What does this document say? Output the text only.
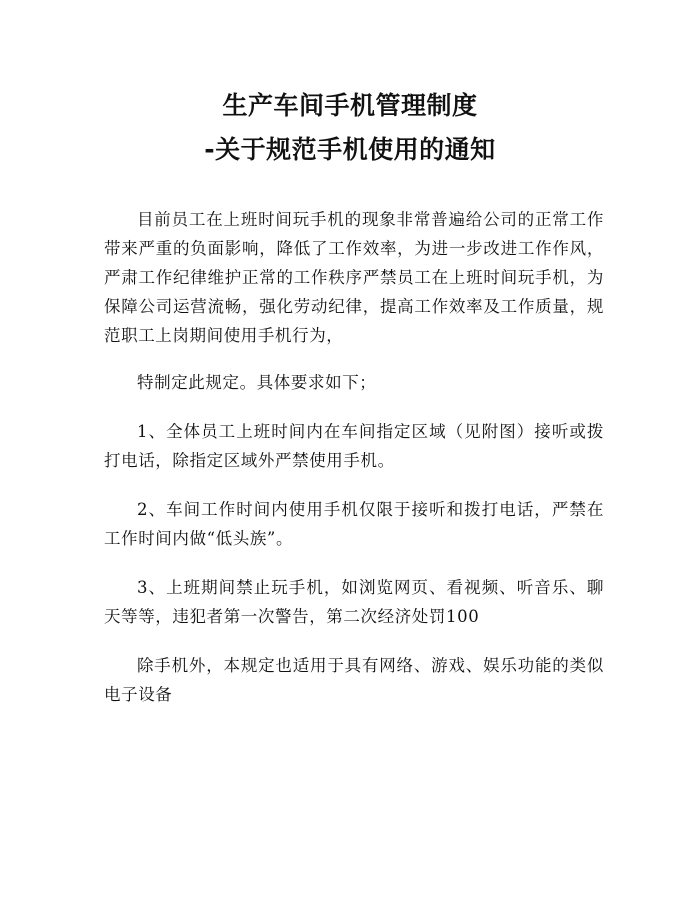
生产车间手机管理制度
-关于规范手机使用的通知

目前员工在上班时间玩手机的现象非常普遍给公司的正常工作带来严重的负面影响，降低了工作效率，为进一步改进工作作风，严肃工作纪律维护正常的工作秩序严禁员工在上班时间玩手机，为保障公司运营流畅，强化劳动纪律，提高工作效率及工作质量，规范职工上岗期间使用手机行为，

特制定此规定。具体要求如下；

1、全体员工上班时间内在车间指定区域（见附图）接听或拨打电话，除指定区域外严禁使用手机。

2、车间工作时间内使用手机仅限于接听和拨打电话，严禁在工作时间内做“低头族”。

3、上班期间禁止玩手机，如浏览网页、看视频、听音乐、聊天等等，违犯者第一次警告，第二次经济处罚100

除手机外，本规定也适用于具有网络、游戏、娱乐功能的类似电子设备
